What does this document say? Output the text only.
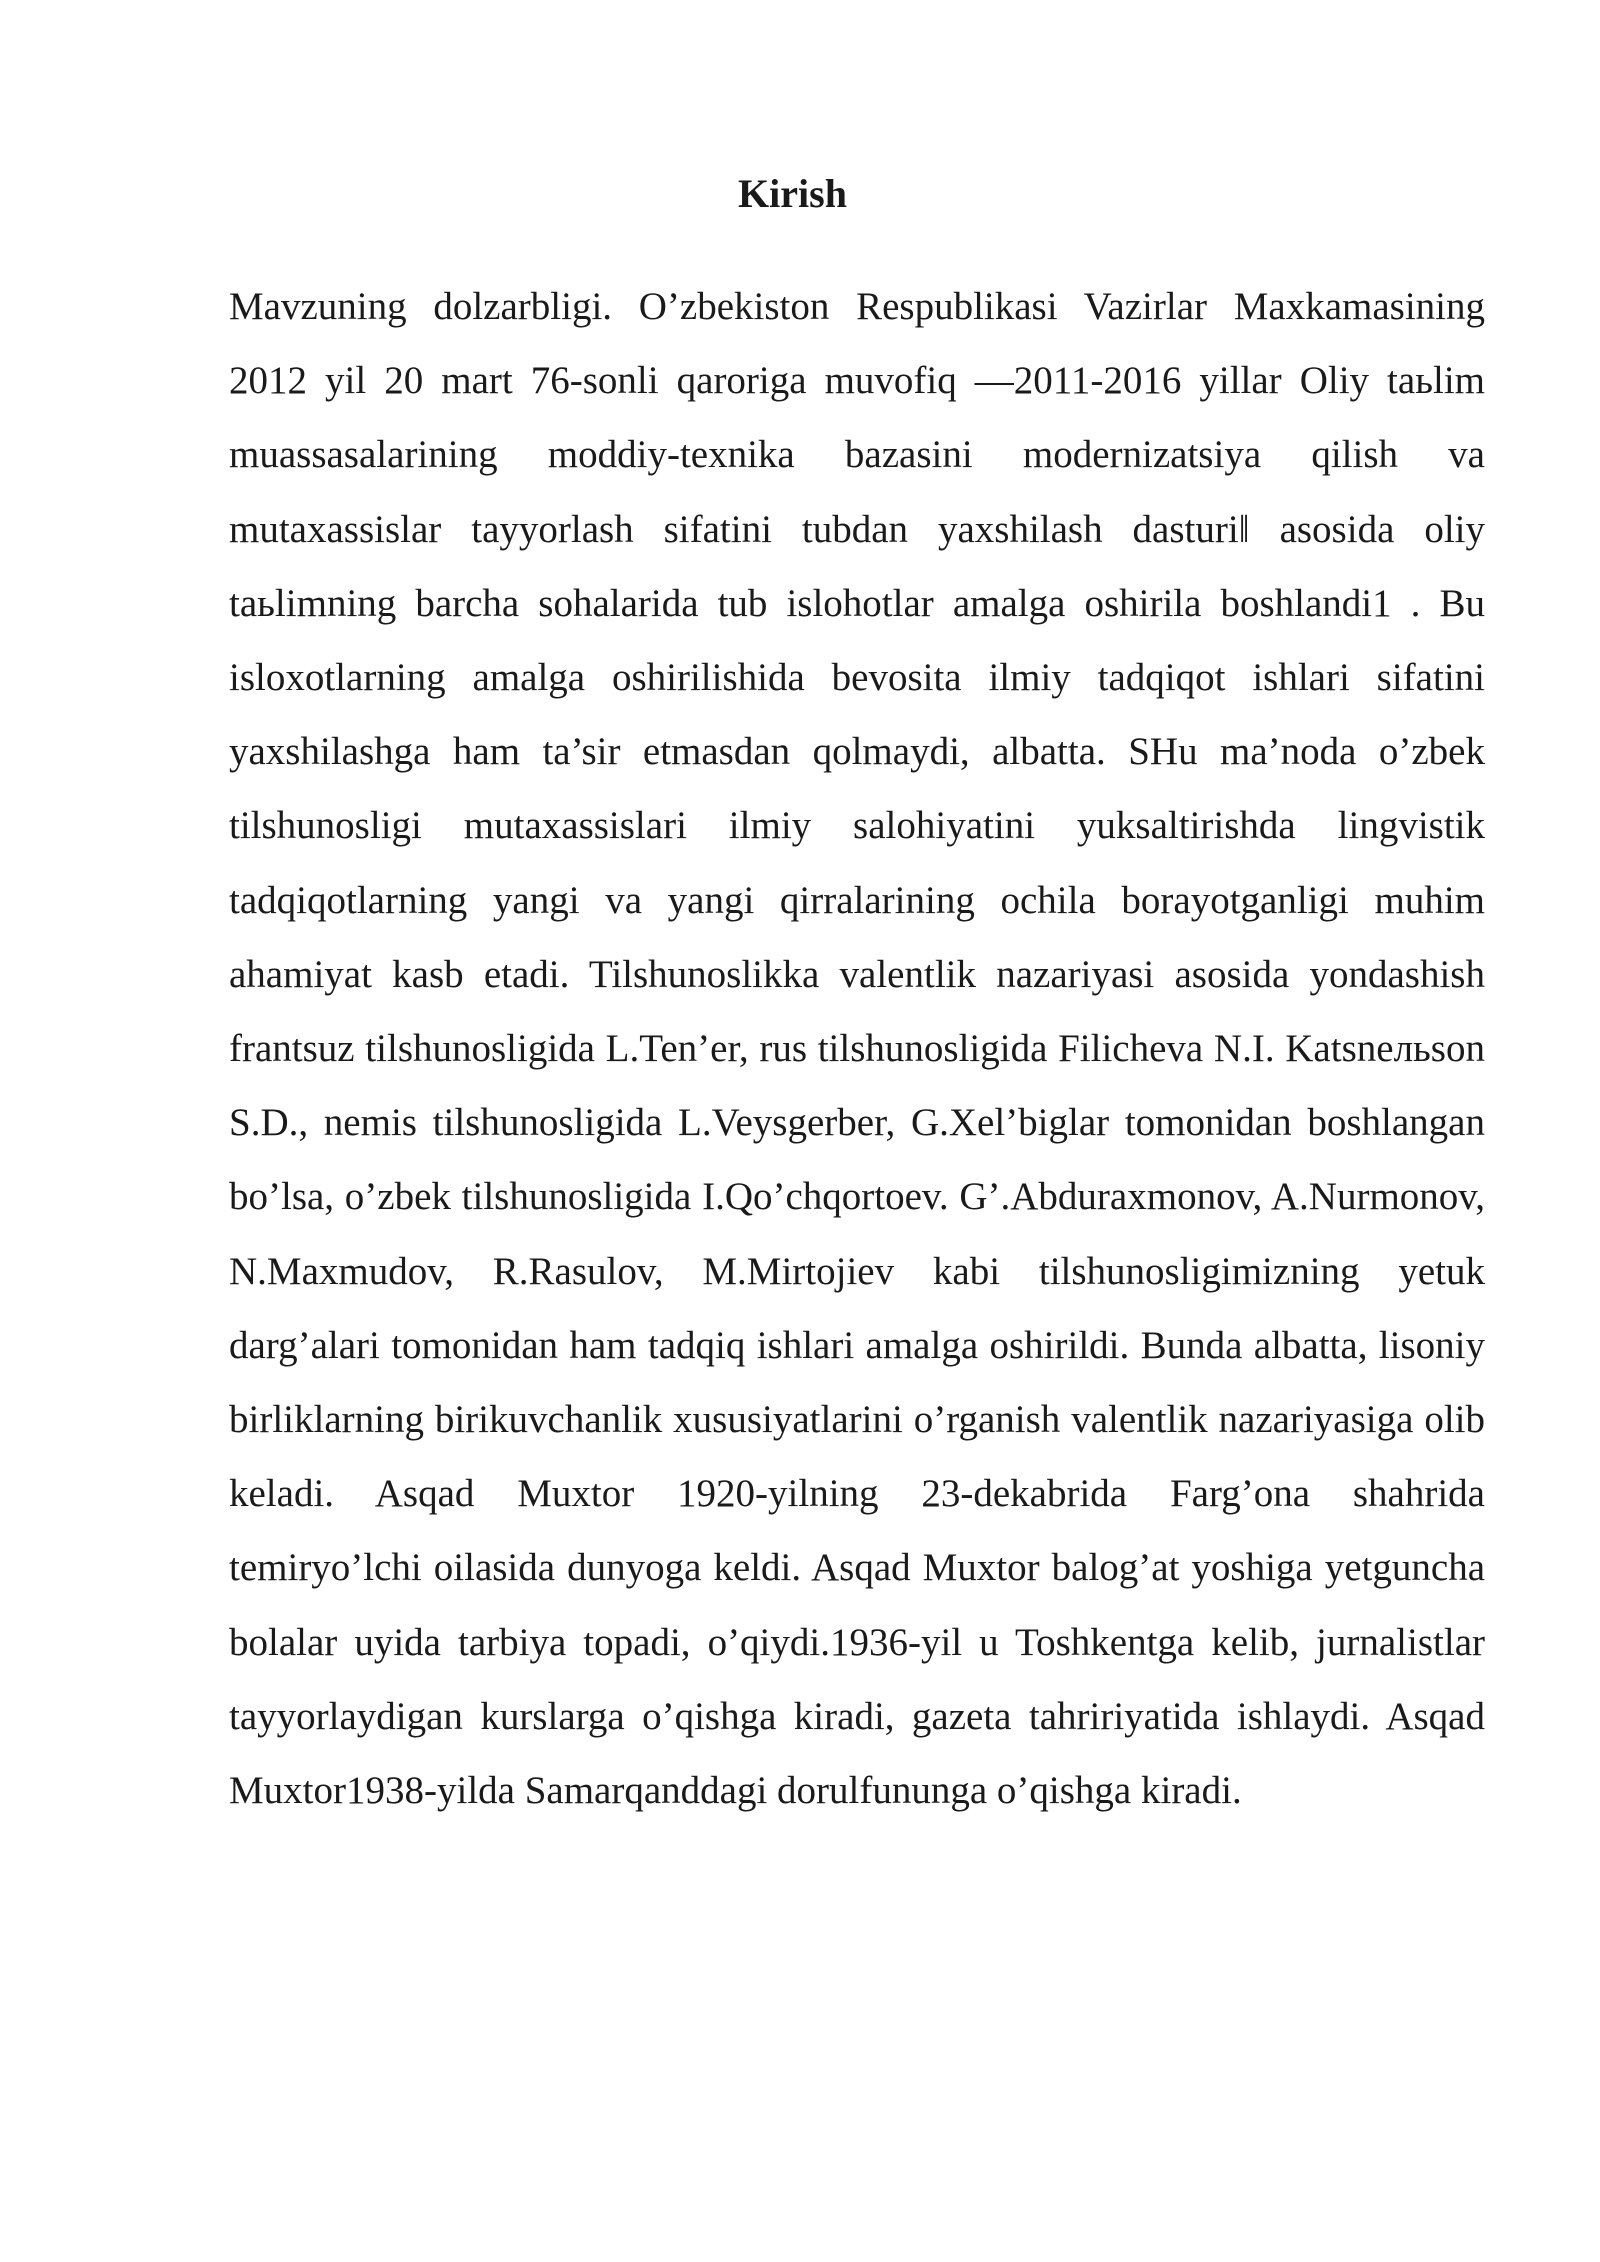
Kirish

Mavzuning dolzarbligi. O’zbekiston Respublikasi Vazirlar Maxkamasining 2012 yil 20 mart 76-sonli qaroriga muvofiq ―2011-2016 yillar Oliy taьlim muassasalarining moddiy-texnika bazasini modernizatsiya qilish va mutaxassislar tayyorlash sifatini tubdan yaxshilash dasturi‖ asosida oliy taьlimning barcha sohalarida tub islohotlar amalga oshirila boshlandi1 . Bu isloxotlarning amalga oshirilishida bevosita ilmiy tadqiqot ishlari sifatini yaxshilashga ham ta’sir etmasdan qolmaydi, albatta. SHu ma’noda o’zbek tilshunosligi mutaxassislari ilmiy salohiyatini yuksaltirishda lingvistik tadqiqotlarning yangi va yangi qirralarining ochila borayotganligi muhim ahamiyat kasb etadi. Tilshunoslikka valentlik nazariyasi asosida yondashish frantsuz tilshunosligida L.Ten’er, rus tilshunosligida Filicheva N.I. Katsneльson S.D., nemis tilshunosligida L.Veysgerber, G.Xel’biglar tomonidan boshlangan bo’lsa, o’zbek tilshunosligida I.Qo’chqortoev. G’.Abduraxmonov, A.Nurmonov, N.Maxmudov, R.Rasulov, M.Mirtojiev kabi tilshunosligimizning yetuk darg’alari tomonidan ham tadqiq ishlari amalga oshirildi. Bunda albatta, lisoniy birliklarning birikuvchanlik xususiyatlarini o’rganish valentlik nazariyasiga olib keladi. Asqad Muxtor 1920-yilning 23-dekabrida Farg’ona shahrida temiryo’lchi oilasida dunyoga keldi. Asqad Muxtor balog’at yoshiga yetguncha bolalar uyida tarbiya topadi, o’qiydi.1936-yil u Toshkentga kelib, jurnalistlar tayyorlaydigan kurslarga o’qishga kiradi, gazeta tahririyatida ishlaydi. Asqad Muxtor1938-yilda Samarqanddagi dorulfununga o’qishga kiradi.
